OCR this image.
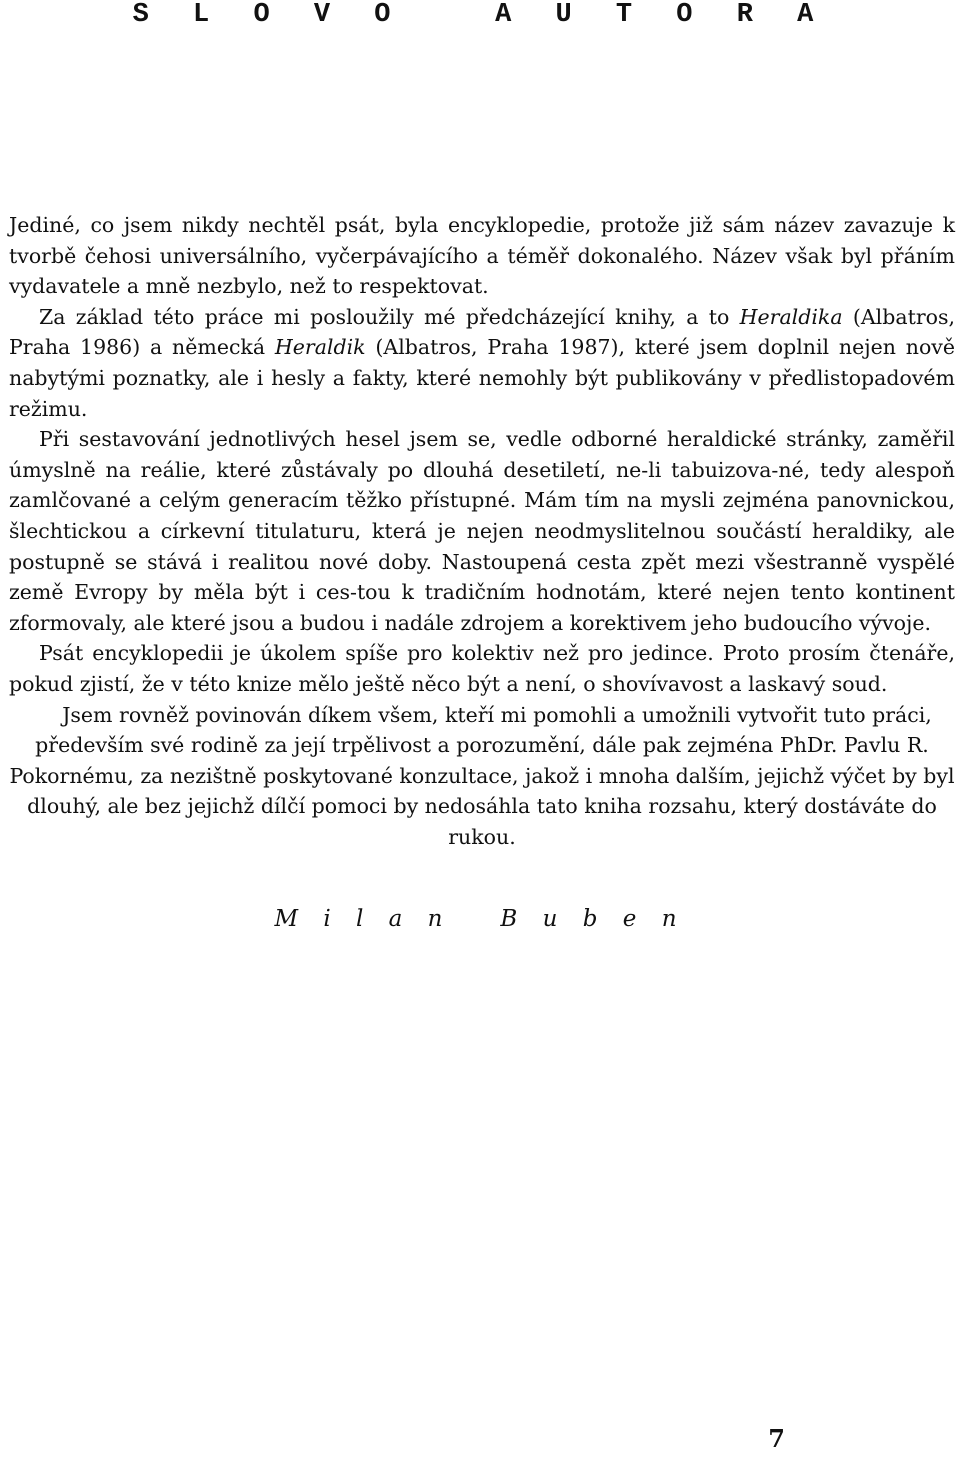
S L O V O   A U T O R A

Jediné, co jsem nikdy nechtěl psát, byla encyklopedie, protože již sám název zavazuje k tvorbě čehosi universálního, vyčerpávajícího a téměř dokonalého. Název však byl přáním vydavatele a mně nezbylo, než to respektovat.

Za základ této práce mi posloužily mé předcházející knihy, a to Heraldika (Albatros, Praha 1986) a německá Heraldik (Albatros, Praha 1987), které jsem doplnil nejen nově nabytými poznatky, ale i hesly a fakty, které nemohly být publikovány v předlistopadovém režimu.

Při sestavování jednotlivých hesel jsem se, vedle odborné heraldické stránky, zaměřil úmyslně na reálie, které zůstávaly po dlouhá desetiletí, ne-li tabuizova-né, tedy alespoň zamlčované a celým generacím těžko přístupné. Mám tím na mysli zejména panovnickou, šlechtickou a církevní titulaturu, která je nejen neodmyslitelnou součástí heraldiky, ale postupně se stává i realitou nové doby. Nastoupená cesta zpět mezi všestranně vyspělé země Evropy by měla být i ces-tou k tradičním hodnotám, které nejen tento kontinent zformovaly, ale které jsou a budou i nadále zdrojem a korektivem jeho budoucího vývoje.

Psát encyklopedii je úkolem spíše pro kolektiv než pro jedince. Proto prosím čtenáře, pokud zjistí, že v této knize mělo ještě něco být a není, o shovívavost a laskavý soud.

Jsem rovněž povinován díkem všem, kteří mi pomohli a umožnili vytvořit tuto práci, především své rodině za její trpělivost a porozumění, dále pak zejména PhDr. Pavlu R. Pokornému, za nezištně poskytované konzultace, jakož i mnoha dalším, jejichž výčet by byl dlouhý, ale bez jejichž dílčí pomoci by nedosáhla tato kniha rozsahu, který dostáváte do rukou.

M i l a n   B u b e n
7
